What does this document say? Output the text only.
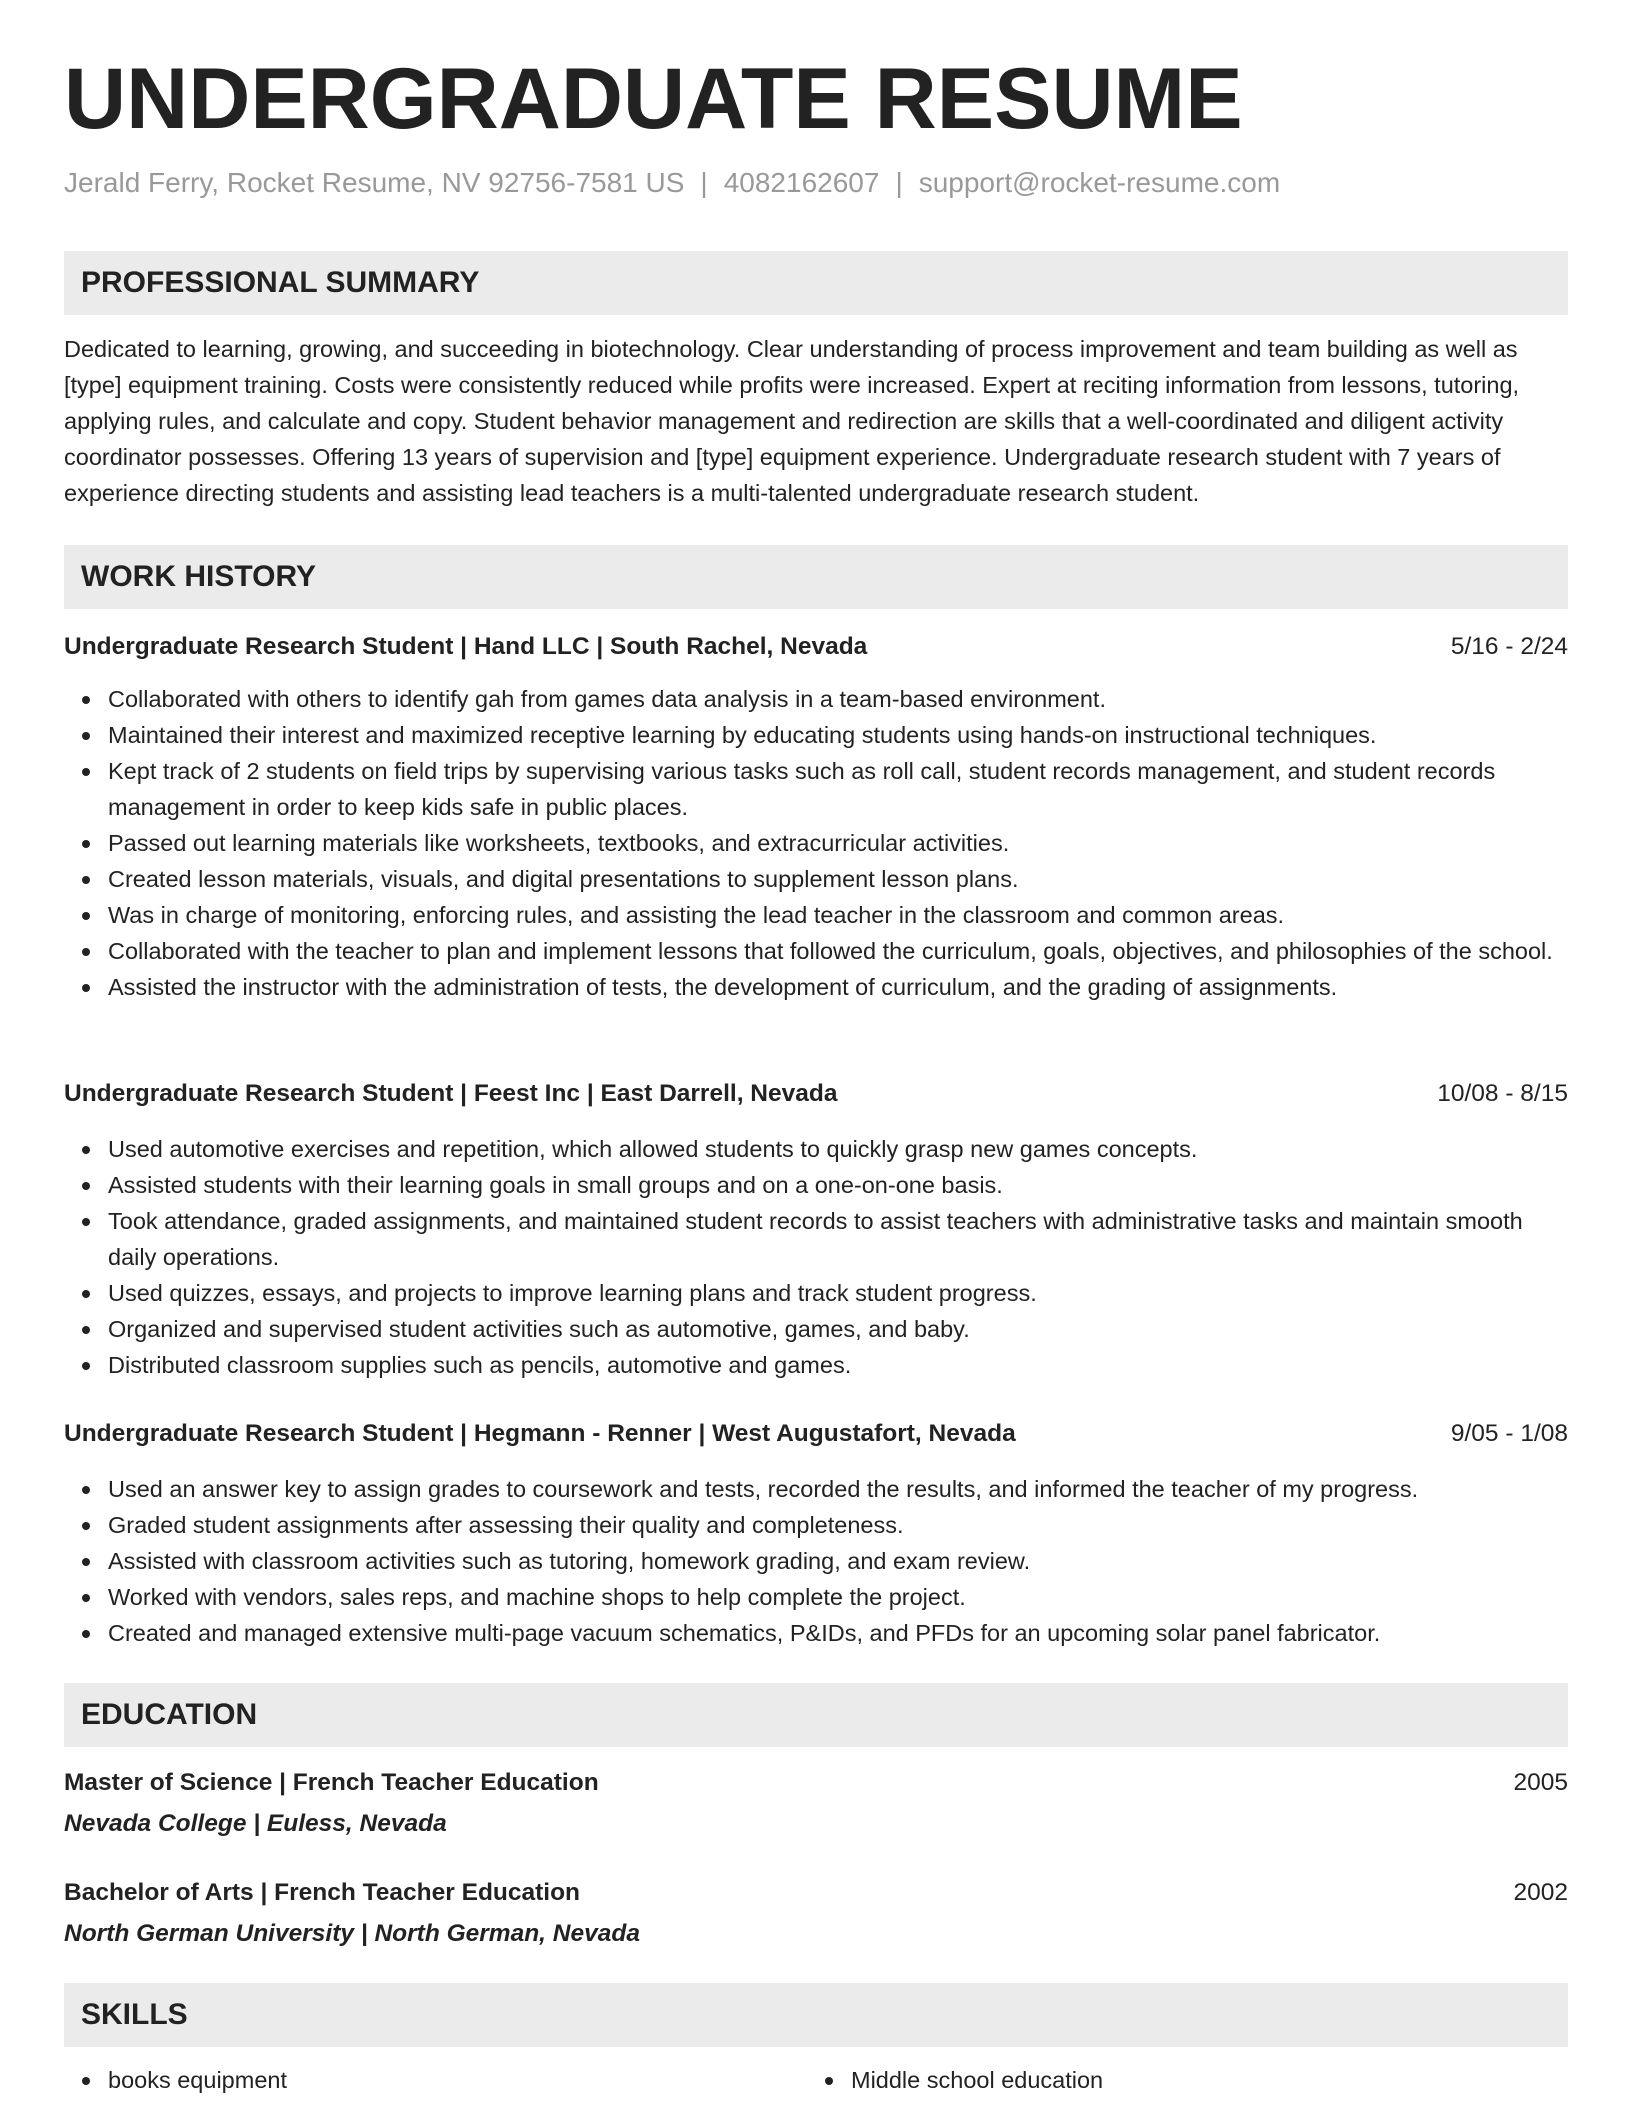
UNDERGRADUATE RESUME
Jerald Ferry, Rocket Resume, NV 92756-7581 US | 4082162607 | support@rocket-resume.com
PROFESSIONAL SUMMARY

Dedicated to learning, growing, and succeeding in biotechnology. Clear understanding of process improvement and team building as well as [type] equipment training. Costs were consistently reduced while profits were increased. Expert at reciting information from lessons, tutoring, applying rules, and calculate and copy. Student behavior management and redirection are skills that a well-coordinated and diligent activity coordinator possesses. Offering 13 years of supervision and [type] equipment experience. Undergraduate research student with 7 years of experience directing students and assisting lead teachers is a multi-talented undergraduate research student.

WORK HISTORY
Undergraduate Research Student | Hand LLC | South Rachel, Nevada	5/16 - 2/24
Collaborated with others to identify gah from games data analysis in a team-based environment.
Maintained their interest and maximized receptive learning by educating students using hands-on instructional techniques.
Kept track of 2 students on field trips by supervising various tasks such as roll call, student records management, and student records management in order to keep kids safe in public places.
Passed out learning materials like worksheets, textbooks, and extracurricular activities.
Created lesson materials, visuals, and digital presentations to supplement lesson plans.
Was in charge of monitoring, enforcing rules, and assisting the lead teacher in the classroom and common areas.
Collaborated with the teacher to plan and implement lessons that followed the curriculum, goals, objectives, and philosophies of the school.
Assisted the instructor with the administration of tests, the development of curriculum, and the grading of assignments.
Undergraduate Research Student | Feest Inc | East Darrell, Nevada	10/08 - 8/15
Used automotive exercises and repetition, which allowed students to quickly grasp new games concepts.
Assisted students with their learning goals in small groups and on a one-on-one basis.
Took attendance, graded assignments, and maintained student records to assist teachers with administrative tasks and maintain smooth daily operations.
Used quizzes, essays, and projects to improve learning plans and track student progress.
Organized and supervised student activities such as automotive, games, and baby.
Distributed classroom supplies such as pencils, automotive and games.
Undergraduate Research Student | Hegmann - Renner | West Augustafort, Nevada	9/05 - 1/08
Used an answer key to assign grades to coursework and tests, recorded the results, and informed the teacher of my progress.
Graded student assignments after assessing their quality and completeness.
Assisted with classroom activities such as tutoring, homework grading, and exam review.
Worked with vendors, sales reps, and machine shops to help complete the project.
Created and managed extensive multi-page vacuum schematics, P&IDs, and PFDs for an upcoming solar panel fabricator.
EDUCATION
Master of Science | French Teacher Education	2005
Nevada College | Euless, Nevada
Bachelor of Arts | French Teacher Education	2002
North German University | North German, Nevada
SKILLS
books equipment	Middle school education
